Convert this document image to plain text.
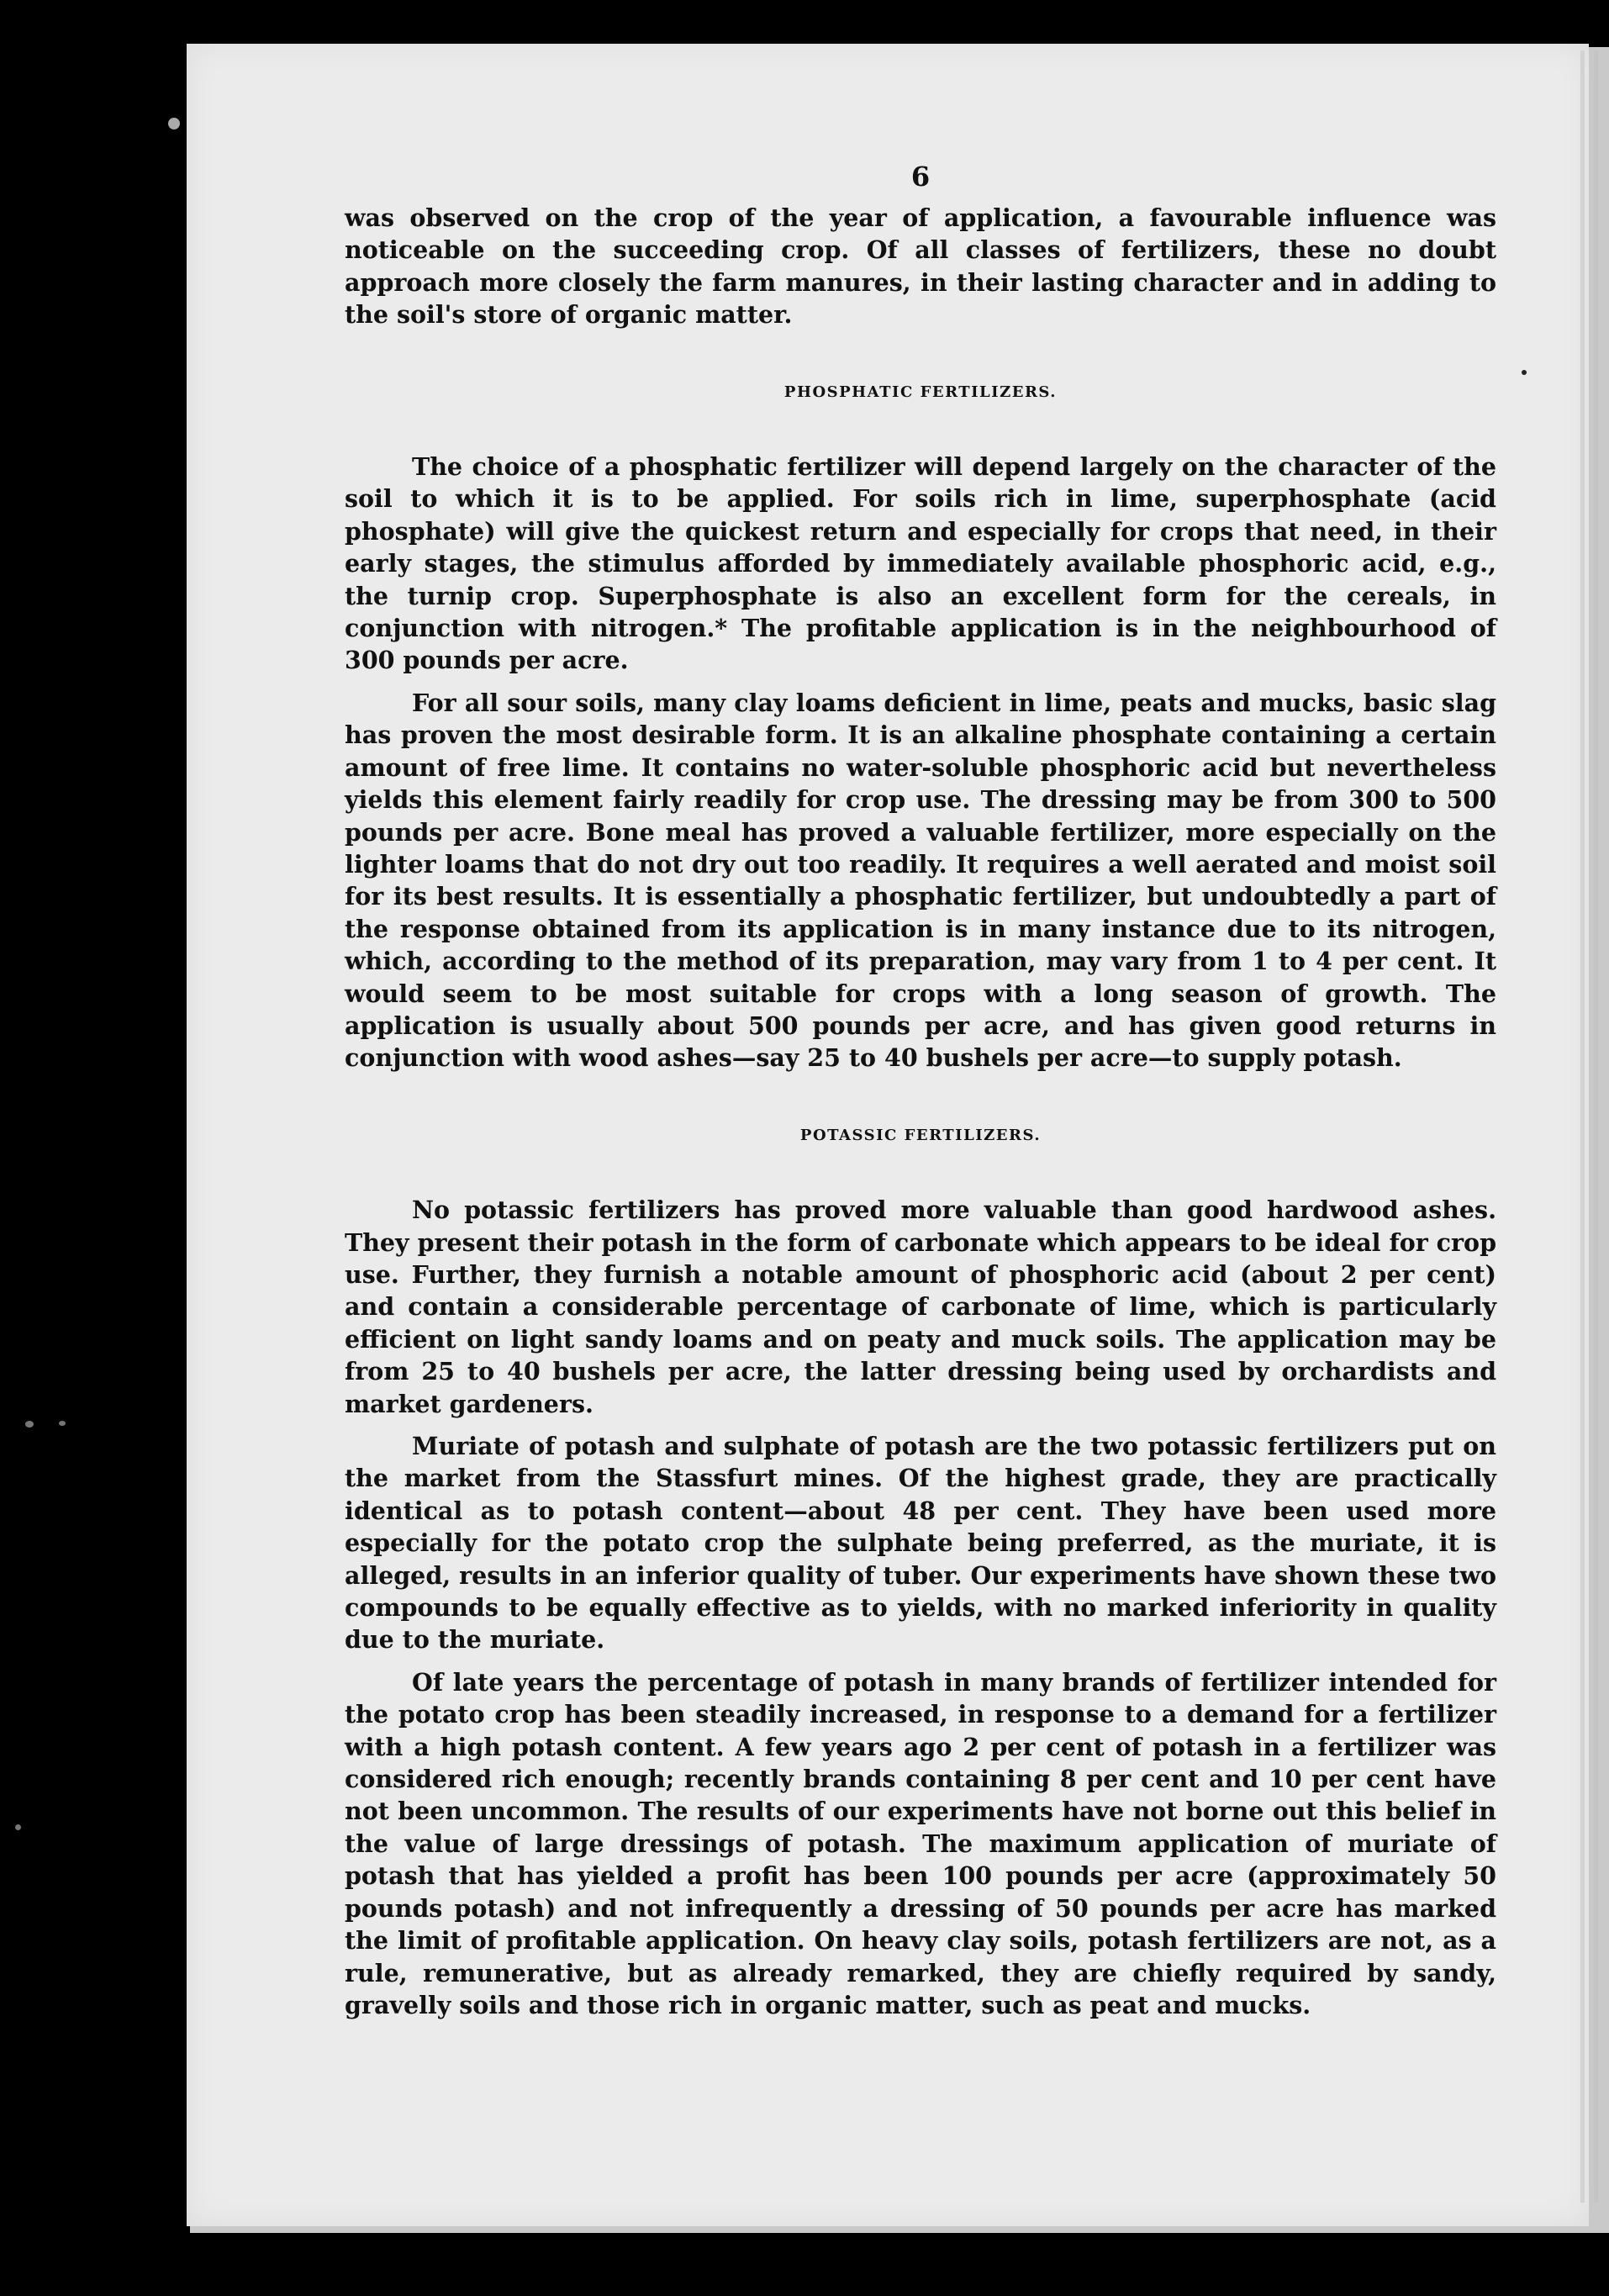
6

was observed on the crop of the year of application, a favourable influence was noticeable on the succeeding crop. Of all classes of fertilizers, these no doubt approach more closely the farm manures, in their lasting character and in adding to the soil's store of organic matter.

PHOSPHATIC FERTILIZERS.

The choice of a phosphatic fertilizer will depend largely on the character of the soil to which it is to be applied. For soils rich in lime, superphosphate (acid phosphate) will give the quickest return and especially for crops that need, in their early stages, the stimulus afforded by immediately available phosphoric acid, e.g., the turnip crop. Superphosphate is also an excellent form for the cereals, in conjunction with nitrogen.* The profitable application is in the neighbourhood of 300 pounds per acre.

For all sour soils, many clay loams deficient in lime, peats and mucks, basic slag has proven the most desirable form. It is an alkaline phosphate containing a certain amount of free lime. It contains no water-soluble phosphoric acid but nevertheless yields this element fairly readily for crop use. The dressing may be from 300 to 500 pounds per acre. Bone meal has proved a valuable fertilizer, more especially on the lighter loams that do not dry out too readily. It requires a well aerated and moist soil for its best results. It is essentially a phosphatic fertilizer, but undoubtedly a part of the response obtained from its application is in many instance due to its nitrogen, which, according to the method of its preparation, may vary from 1 to 4 per cent. It would seem to be most suitable for crops with a long season of growth. The application is usually about 500 pounds per acre, and has given good returns in conjunction with wood ashes—say 25 to 40 bushels per acre—to supply potash.

POTASSIC FERTILIZERS.

No potassic fertilizers has proved more valuable than good hardwood ashes. They present their potash in the form of carbonate which appears to be ideal for crop use. Further, they furnish a notable amount of phosphoric acid (about 2 per cent) and contain a considerable percentage of carbonate of lime, which is particularly efficient on light sandy loams and on peaty and muck soils. The application may be from 25 to 40 bushels per acre, the latter dressing being used by orchardists and market gardeners.

Muriate of potash and sulphate of potash are the two potassic fertilizers put on the market from the Stassfurt mines. Of the highest grade, they are practically identical as to potash content—about 48 per cent. They have been used more especially for the potato crop the sulphate being preferred, as the muriate, it is alleged, results in an inferior quality of tuber. Our experiments have shown these two compounds to be equally effective as to yields, with no marked inferiority in quality due to the muriate.

Of late years the percentage of potash in many brands of fertilizer intended for the potato crop has been steadily increased, in response to a demand for a fertilizer with a high potash content. A few years ago 2 per cent of potash in a fertilizer was considered rich enough; recently brands containing 8 per cent and 10 per cent have not been uncommon. The results of our experiments have not borne out this belief in the value of large dressings of potash. The maximum application of muriate of potash that has yielded a profit has been 100 pounds per acre (approximately 50 pounds potash) and not infrequently a dressing of 50 pounds per acre has marked the limit of profitable application. On heavy clay soils, potash fertilizers are not, as a rule, remunerative, but as already remarked, they are chiefly required by sandy, gravelly soils and those rich in organic matter, such as peat and mucks.
